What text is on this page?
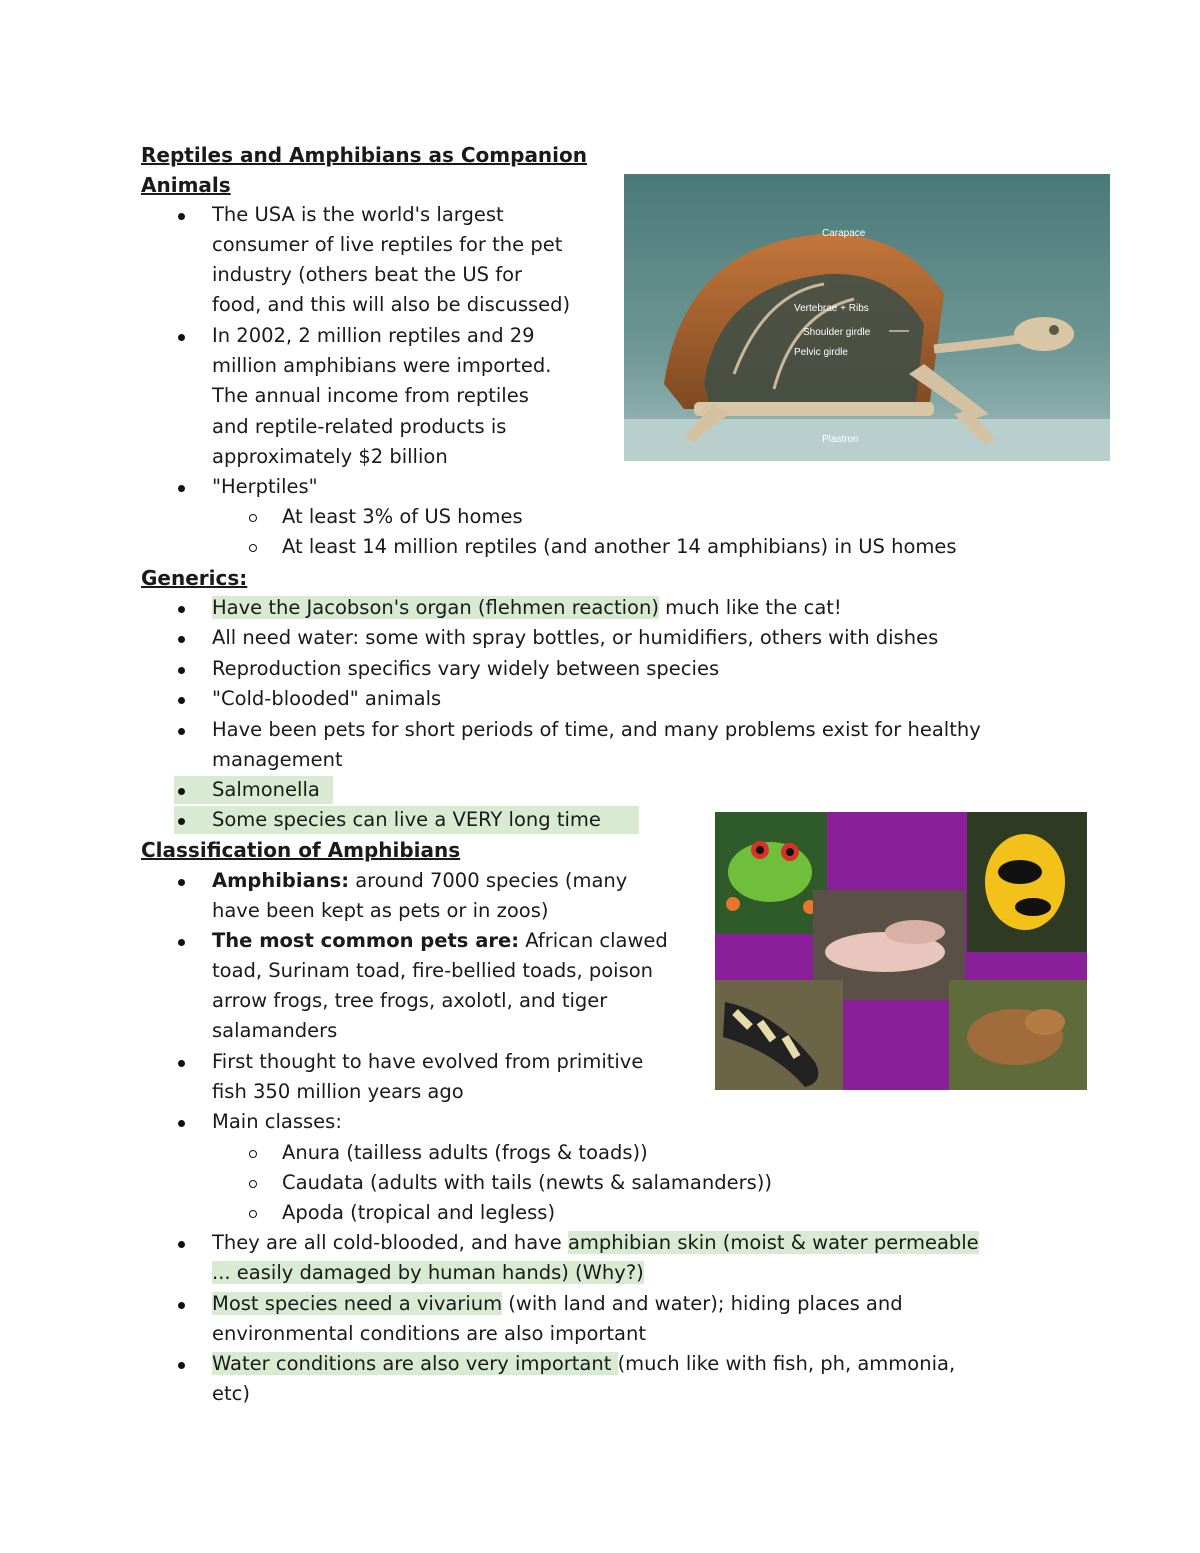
Reptiles and Amphibians as Companion
Animals
The USA is the world's largest
consumer of live reptiles for the pet
industry (others beat the US for
food, and this will also be discussed)
In 2002, 2 million reptiles and 29
million amphibians were imported.
The annual income from reptiles
and reptile-related products is
approximately $2 billion
"Herptiles"
At least 3% of US homes
At least 14 million reptiles (and another 14 amphibians) in US homes
Carapace
Vertebrae + Ribs
Shoulder girdle
Pelvic girdle
Plastron
Generics:
Have the Jacobson's organ (flehmen reaction) much like the cat!
All need water: some with spray bottles, or humidifiers, others with dishes
Reproduction specifics vary widely between species
"Cold-blooded" animals
Have been pets for short periods of time, and many problems exist for healthy
management
Salmonella
Some species can live a VERY long time
Classification of Amphibians
Amphibians: around 7000 species (many
have been kept as pets or in zoos)
The most common pets are: African clawed
toad, Surinam toad, fire-bellied toads, poison
arrow frogs, tree frogs, axolotl, and tiger
salamanders
First thought to have evolved from primitive
fish 350 million years ago
Main classes:
Anura (tailless adults (frogs & toads))
Caudata (adults with tails (newts & salamanders))
Apoda (tropical and legless)
They are all cold-blooded, and have amphibian skin (moist & water permeable
... easily damaged by human hands) (Why?)
Most species need a vivarium (with land and water); hiding places and
environmental conditions are also important
Water conditions are also very important (much like with fish, ph, ammonia,
etc)
